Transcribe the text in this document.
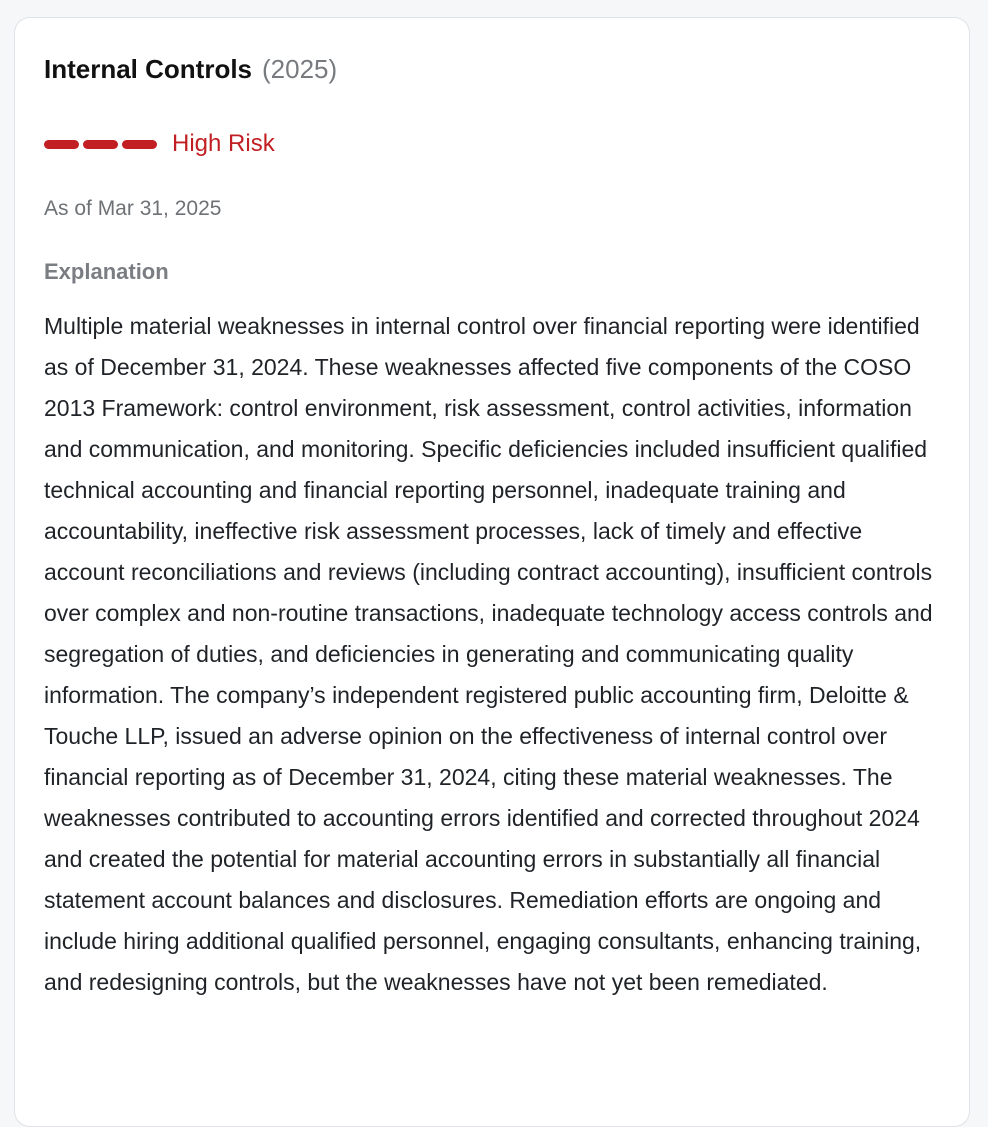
Internal Controls (2025)
High Risk
As of Mar 31, 2025
Explanation
Multiple material weaknesses in internal control over financial reporting were identified as of December 31, 2024. These weaknesses affected five components of the COSO 2013 Framework: control environment, risk assessment, control activities, information and communication, and monitoring. Specific deficiencies included insufficient qualified technical accounting and financial reporting personnel, inadequate training and accountability, ineffective risk assessment processes, lack of timely and effective account reconciliations and reviews (including contract accounting), insufficient controls over complex and non-routine transactions, inadequate technology access controls and segregation of duties, and deficiencies in generating and communicating quality information. The company’s independent registered public accounting firm, Deloitte & Touche LLP, issued an adverse opinion on the effectiveness of internal control over financial reporting as of December 31, 2024, citing these material weaknesses. The weaknesses contributed to accounting errors identified and corrected throughout 2024 and created the potential for material accounting errors in substantially all financial statement account balances and disclosures. Remediation efforts are ongoing and include hiring additional qualified personnel, engaging consultants, enhancing training, and redesigning controls, but the weaknesses have not yet been remediated.
